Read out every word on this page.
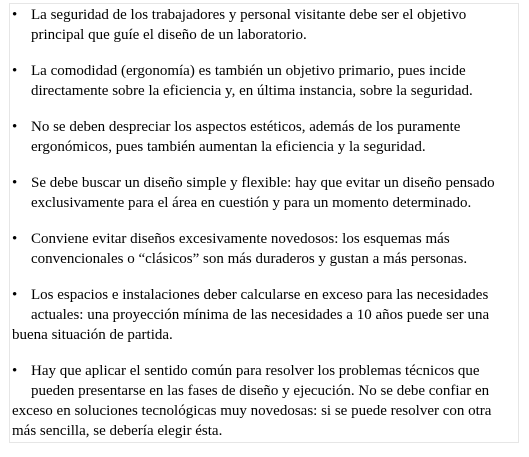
• La seguridad de los trabajadores y personal visitante debe ser el objetivo
principal que guíe el diseño de un laboratorio.
• La comodidad (ergonomía) es también un objetivo primario, pues incide
directamente sobre la eficiencia y, en última instancia, sobre la seguridad.
• No se deben despreciar los aspectos estéticos, además de los puramente
ergonómicos, pues también aumentan la eficiencia y la seguridad.
• Se debe buscar un diseño simple y flexible: hay que evitar un diseño pensado
exclusivamente para el área en cuestión y para un momento determinado.
• Conviene evitar diseños excesivamente novedosos: los esquemas más
convencionales o “clásicos” son más duraderos y gustan a más personas.
• Los espacios e instalaciones deber calcularse en exceso para las necesidades
actuales: una proyección mínima de las necesidades a 10 años puede ser una
buena situación de partida.
• Hay que aplicar el sentido común para resolver los problemas técnicos que
pueden presentarse en las fases de diseño y ejecución. No se debe confiar en
exceso en soluciones tecnológicas muy novedosas: si se puede resolver con otra
más sencilla, se debería elegir ésta.
